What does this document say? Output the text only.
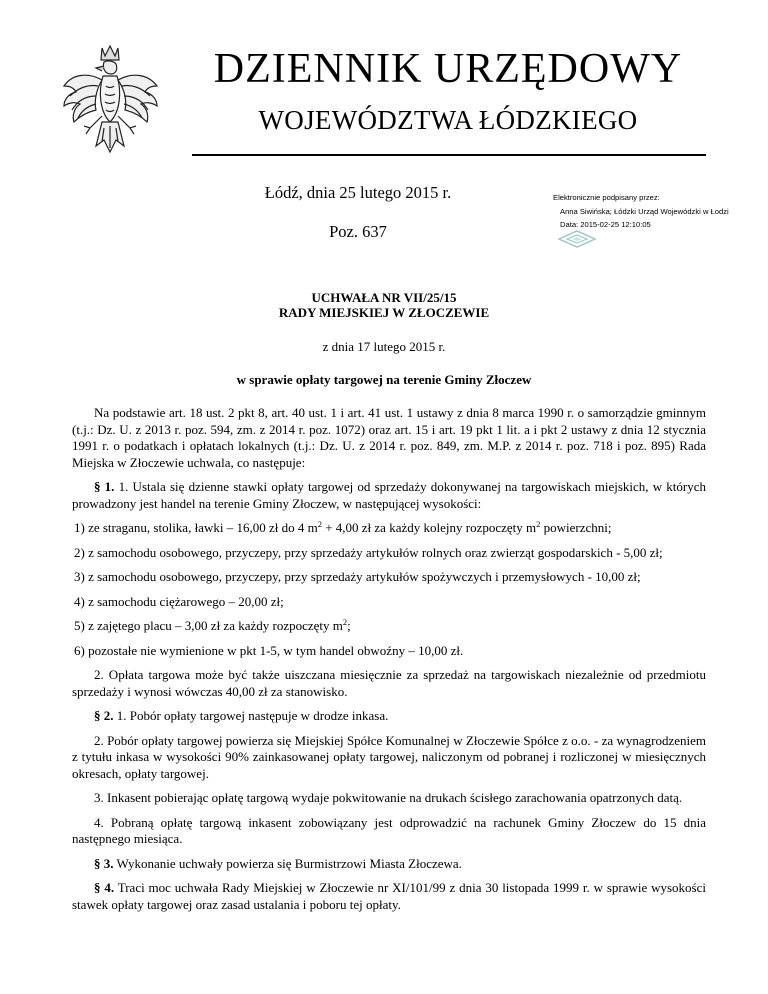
DZIENNIK URZĘDOWY
WOJEWÓDZTWA ŁÓDZKIEGO
Łódź, dnia 25 lutego 2015 r.
Poz. 637
Elektronicznie podpisany przez:
Anna Siwińska; Łódzki Urząd Wojewódzki w Łodzi
Data: 2015-02-25 12:10:05
UCHWAŁA NR VII/25/15
RADY MIEJSKIEJ W ZŁOCZEWIE
z dnia 17 lutego 2015 r.
w sprawie opłaty targowej na terenie Gminy Złoczew

Na podstawie art. 18 ust. 2 pkt 8, art. 40 ust. 1 i art. 41 ust. 1 ustawy z dnia 8 marca 1990 r. o samorządzie gminnym (t.j.: Dz. U. z 2013 r. poz. 594, zm. z 2014 r. poz. 1072) oraz art. 15 i art. 19 pkt 1 lit. a i pkt 2 ustawy z dnia 12 stycznia 1991 r. o podatkach i opłatach lokalnych (t.j.: Dz. U. z 2014 r. poz. 849, zm. M.P. z 2014 r. poz. 718 i poz. 895) Rada Miejska w Złoczewie uchwala, co następuje:

§ 1. 1. Ustala się dzienne stawki opłaty targowej od sprzedaży dokonywanej na targowiskach miejskich, w których prowadzony jest handel na terenie Gminy Złoczew, w następującej wysokości:

1) ze straganu, stolika, ławki – 16,00 zł do 4 $m^2 + 4,00$ zł za każdy kolejny rozpoczęty $m^2$ powierzchni;

2) z samochodu osobowego, przyczepy, przy sprzedaży artykułów rolnych oraz zwierząt gospodarskich - 5,00 zł;

3) z samochodu osobowego, przyczepy, przy sprzedaży artykułów spożywczych i przemysłowych - 10,00 zł;

4) z samochodu ciężarowego – 20,00 zł;

5) z zajętego placu – 3,00 zł za każdy rozpoczęty $m^2$;

6) pozostałe nie wymienione w pkt 1-5, w tym handel obwoźny – 10,00 zł.

2. Opłata targowa może być także uiszczana miesięcznie za sprzedaż na targowiskach niezależnie od przedmiotu sprzedaży i wynosi wówczas 40,00 zł za stanowisko.

§ 2. 1. Pobór opłaty targowej następuje w drodze inkasa.

2. Pobór opłaty targowej powierza się Miejskiej Spółce Komunalnej w Złoczewie Spółce z o.o. - za wynagrodzeniem z tytułu inkasa w wysokości 90% zainkasowanej opłaty targowej, naliczonym od pobranej i rozliczonej w miesięcznych okresach, opłaty targowej.

3. Inkasent pobierając opłatę targową wydaje pokwitowanie na drukach ścisłego zarachowania opatrzonych datą.

4. Pobraną opłatę targową inkasent zobowiązany jest odprowadzić na rachunek Gminy Złoczew do 15 dnia następnego miesiąca.

§ 3. Wykonanie uchwały powierza się Burmistrzowi Miasta Złoczewa.

§ 4. Traci moc uchwała Rady Miejskiej w Złoczewie nr XI/101/99 z dnia 30 listopada 1999 r. w sprawie wysokości stawek opłaty targowej oraz zasad ustalania i poboru tej opłaty.
